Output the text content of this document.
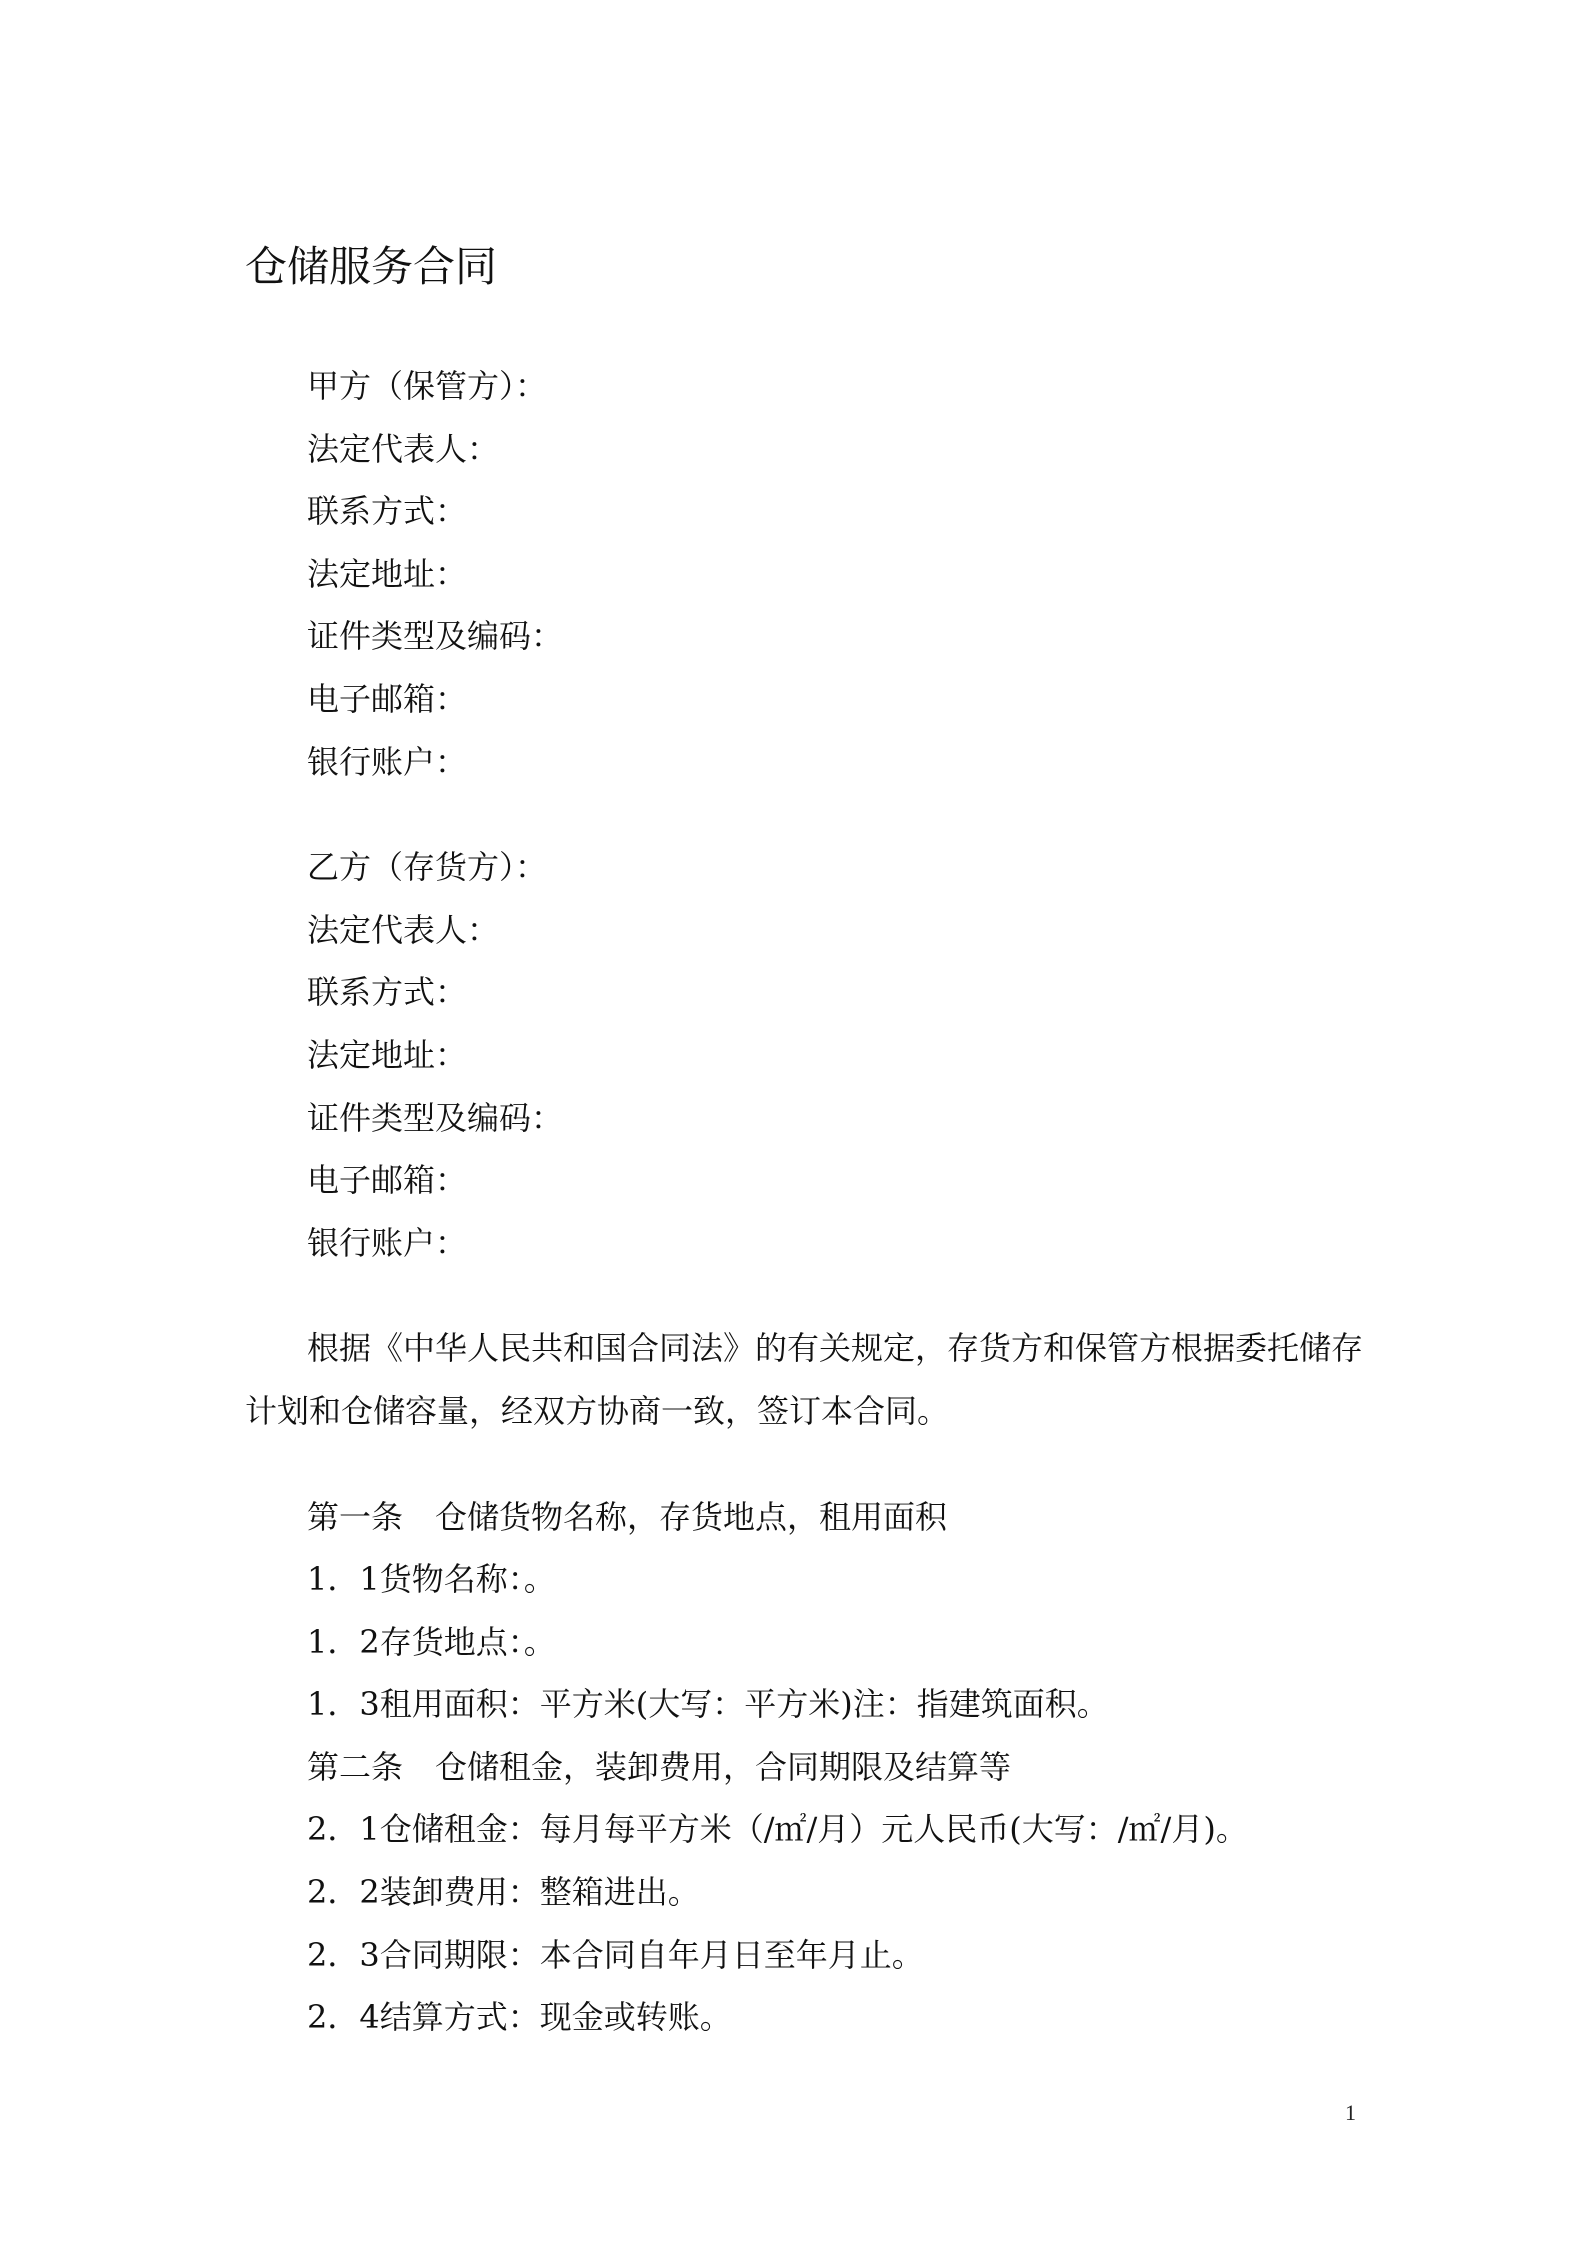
仓储服务合同
甲方（保管方）：
法定代表人：
联系方式：
法定地址：
证件类型及编码：
电子邮箱：
银行账户：
乙方（存货方）：
法定代表人：
联系方式：
法定地址：
证件类型及编码：
电子邮箱：
银行账户：
根据《中华人民共和国合同法》的有关规定，存货方和保管方根据委托储存
计划和仓储容量，经双方协商一致，签订本合同。
第一条　仓储货物名称，存货地点，租用面积
1．1货物名称：。
1．2存货地点：。
1．3租用面积：平方米(大写：平方米)注：指建筑面积。
第二条　仓储租金，装卸费用，合同期限及结算等
2．1仓储租金：每月每平方米（/㎡/月）元人民币(大写：/㎡/月)。
2．2装卸费用：整箱进出。
2．3合同期限：本合同自年月日至年月止。
2．4结算方式：现金或转账。
1
